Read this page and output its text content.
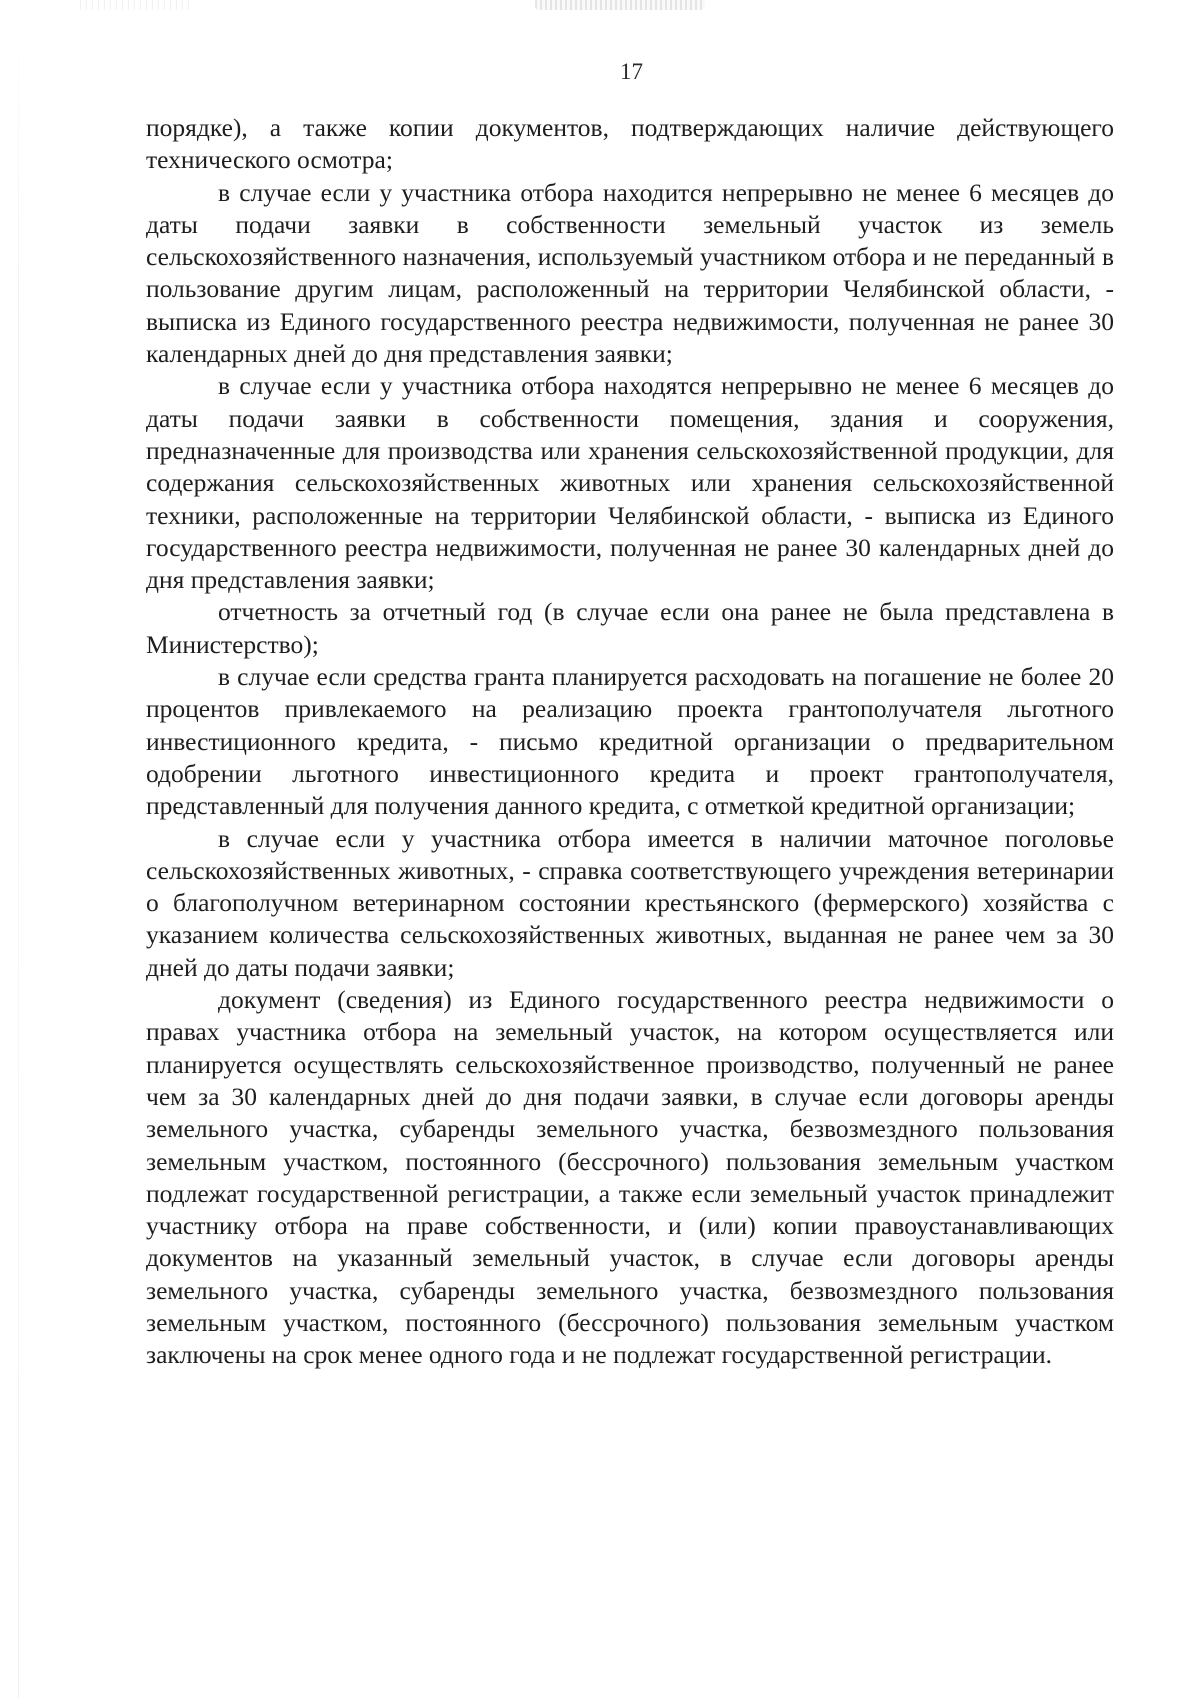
17

порядке), а также копии документов, подтверждающих наличие действующего технического осмотра;

в случае если у участника отбора находится непрерывно не менее 6 месяцев до даты подачи заявки в собственности земельный участок из земель сельскохозяйственного назначения, используемый участником отбора и не переданный в пользование другим лицам, расположенный на территории Челябинской области, - выписка из Единого государственного реестра недвижимости, полученная не ранее 30 календарных дней до дня представления заявки;

в случае если у участника отбора находятся непрерывно не менее 6 месяцев до даты подачи заявки в собственности помещения, здания и сооружения, предназначенные для производства или хранения сельскохозяйственной продукции, для содержания сельскохозяйственных животных или хранения сельскохозяйственной техники, расположенные на территории Челябинской области, - выписка из Единого государственного реестра недвижимости, полученная не ранее 30 календарных дней до дня представления заявки;

отчетность за отчетный год (в случае если она ранее не была представлена в Министерство);

в случае если средства гранта планируется расходовать на погашение не более 20 процентов привлекаемого на реализацию проекта грантополучателя льготного инвестиционного кредита, - письмо кредитной организации о предварительном одобрении льготного инвестиционного кредита и проект грантополучателя, представленный для получения данного кредита, с отметкой кредитной организации;

в случае если у участника отбора имеется в наличии маточное поголовье сельскохозяйственных животных, - справка соответствующего учреждения ветеринарии о благополучном ветеринарном состоянии крестьянского (фермерского) хозяйства с указанием количества сельскохозяйственных животных, выданная не ранее чем за 30 дней до даты подачи заявки;

документ (сведения) из Единого государственного реестра недвижимости о правах участника отбора на земельный участок, на котором осуществляется или планируется осуществлять сельскохозяйственное производство, полученный не ранее чем за 30 календарных дней до дня подачи заявки, в случае если договоры аренды земельного участка, субаренды земельного участка, безвозмездного пользования земельным участком, постоянного (бессрочного) пользования земельным участком подлежат государственной регистрации, а также если земельный участок принадлежит участнику отбора на праве собственности, и (или) копии правоустанавливающих документов на указанный земельный участок, в случае если договоры аренды земельного участка, субаренды земельного участка, безвозмездного пользования земельным участком, постоянного (бессрочного) пользования земельным участком заключены на срок менее одного года и не подлежат государственной регистрации.
